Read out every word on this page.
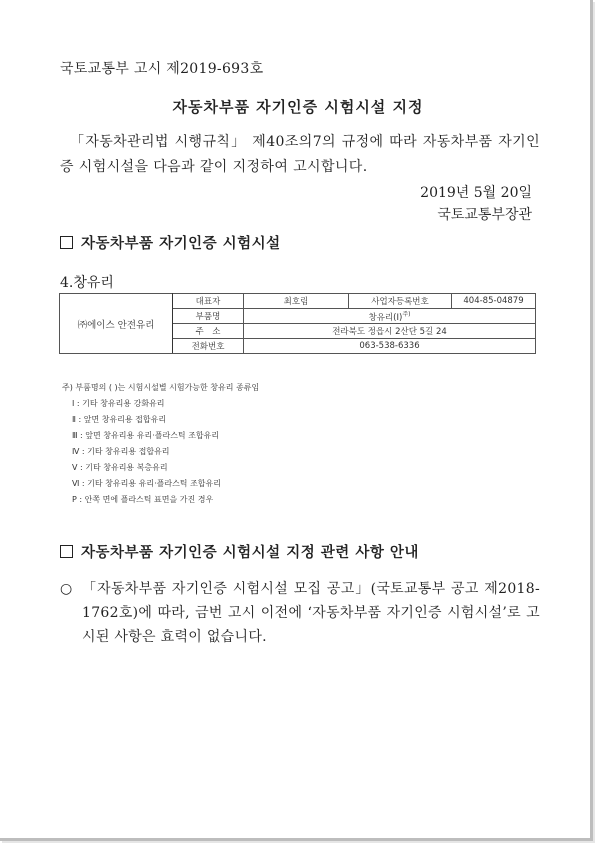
국토교통부 고시 제2019-693호
자동차부품 자기인증 시험시설 지정
「자동차관리법 시행규칙」 제40조의7의 규정에 따라 자동차부품 자기인증 시험시설을 다음과 같이 지정하여 고시합니다.
2019년 5월 20일
국토교통부장관
자동차부품 자기인증 시험시설
4.창유리
㈜에이스 안전유리	대표자	최호림	사업자등록번호	404-85-04879
	부품명	창유리(Ⅰ)$^{주)}$
	주　소	전라북도 정읍시 2산단 5길 24		
	전화번호	063-538-6336		
주) 부품명의 ( )는 시험시설별 시험가능한 창유리 종류임
Ⅰ : 기타 창유리용 강화유리
Ⅱ : 앞면 창유리용 접합유리
Ⅲ : 앞면 창유리용 유리·플라스틱 조합유리
Ⅳ : 기타 창유리용 접합유리
Ⅴ : 기타 창유리용 복층유리
Ⅵ : 기타 창유리용 유리·플라스틱 조합유리
P : 안쪽 면에 플라스틱 표면을 가진 경우
자동차부품 자기인증 시험시설 지정 관련 사항 안내
○ 「자동차부품 자기인증 시험시설 모집 공고」(국토교통부 공고 제2018-1762호)에 따라, 금번 고시 이전에 ‘자동차부품 자기인증 시험시설’로 고시된 사항은 효력이 없습니다.
